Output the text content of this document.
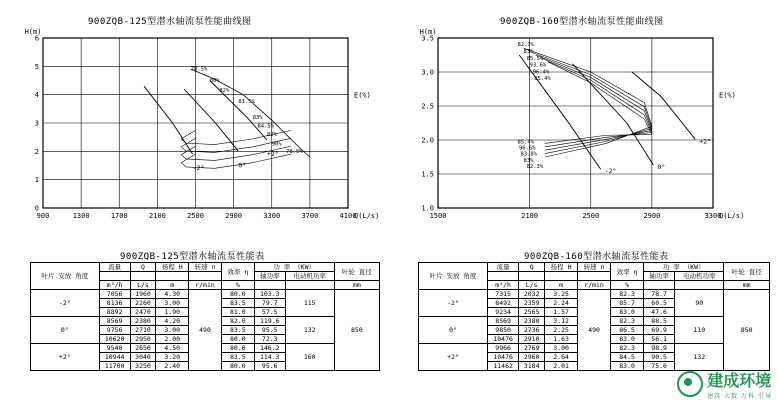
900ZQB-125型潜水轴流泵性能曲线图	900ZQB-160型潜水轴流泵性能曲线图
900	1300	1700	2100	2500	2900	3300	3700	4100
0
1
2
3
4
5
6
H(m)
Q(L/s)
E(%)
-2°	0°
+2°
78.5%
80%
82%
81.5%
83%
84.5%
82%
90%
78.5%
1500	2100	2500	2900	3300
1.0
1.5
2.0
2.5
3.0
3.5
H(m)
Q(L/s)
E(%)
-2°
0°
+2°
82.3%
83%
85.5%
93.6%
96.4%
85.4%
85.4%
96.6%
83.8%
83%
82.3%
900ZQB-125型潜水轴流泵性能表	900ZQB-160型潜水轴流泵性能表
叶片 安放 角度	流量	Q	扬程 H	转速 n	效率 η	功 率 （KW）		叶轮 直径
						轴功率	电动机功率	
	m³/h	L/s	m	r/min	%			mm
-2°	7056	1960	4.30	490	80.0	103.3	115	850
	8136	2260	3.00		83.5	79.7		
	8892	2470	1.90		81.0	57.5		
0°	8569	2380	4.20		82.0	119.6	132	
	9756	2710	3.00		83.5	95.5		
	10620	2950	2.00		80.0	72.3		
+2°	9540	2650	4.50		80.0	146.2	160	
	10944	3040	3.20		83.5	114.3		
	11700	3250	2.40		80.0	95.6		
叶片 安放 角度	流量	Q	扬程 H	转速 n	效率 η	功 率 （KW）		叶轮 直径
						轴功率	电动机功率	
	m³/h	L/s	m	r/min	%			mm
-2°	7315	2032	3.25	490	82.3	78.7	90	850
	8492	2359	2.24		85.7	60.5		
	9234	2565	1.57		83.0	47.6		
0°	8569	2380	3.12		82.3	88.5	110	
	9850	2736	2.25		86.5	69.9		
	10476	2910	1.63		83.0	56.1		
+2°	9966	2769	3.00		82.3	98.9	132	
	10476	2960	2.64		84.5	90.5		
	11462	3184	2.01		83.0	75.6		
建成环境
建筑 大数 万科 引导
